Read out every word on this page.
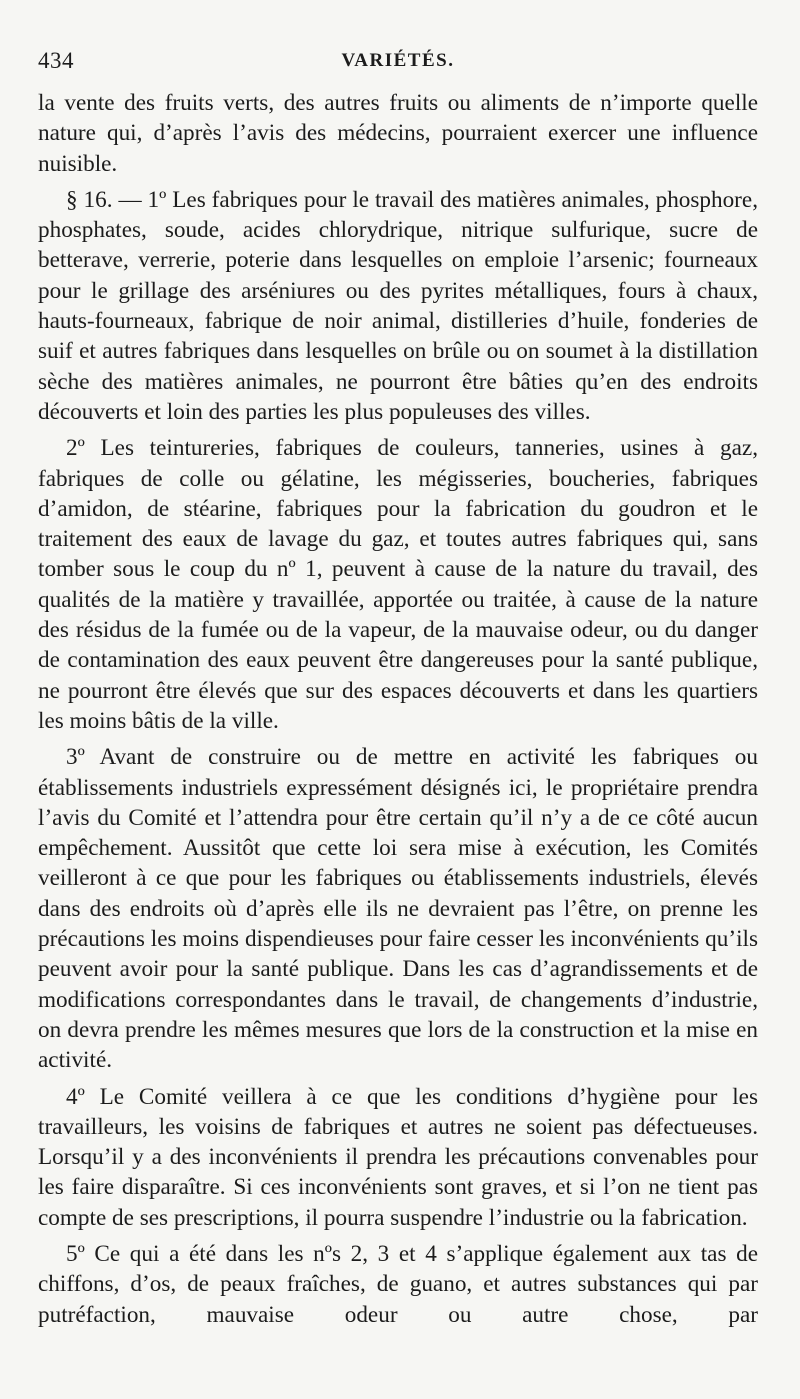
434	VARIÉTÉS.

la vente des fruits verts, des autres fruits ou aliments de n’importe quelle nature qui, d’après l’avis des médecins, pourraient exercer une influence nuisible.

§ 16. — 1º Les fabriques pour le travail des matières animales, phosphore, phosphates, soude, acides chlorydrique, nitrique sulfurique, sucre de betterave, verrerie, poterie dans lesquelles on emploie l’arsenic; fourneaux pour le grillage des arséniures ou des pyrites métalliques, fours à chaux, hauts-fourneaux, fabrique de noir animal, distilleries d’huile, fonderies de suif et autres fabriques dans lesquelles on brûle ou on soumet à la distillation sèche des matières animales, ne pourront être bâties qu’en des endroits découverts et loin des parties les plus populeuses des villes.

2º Les teintureries, fabriques de couleurs, tanneries, usines à gaz, fabriques de colle ou gélatine, les mégisseries, boucheries, fabriques d’amidon, de stéarine, fabriques pour la fabrication du goudron et le traitement des eaux de lavage du gaz, et toutes autres fabriques qui, sans tomber sous le coup du nº 1, peuvent à cause de la nature du travail, des qualités de la matière y travaillée, apportée ou traitée, à cause de la nature des résidus de la fumée ou de la vapeur, de la mauvaise odeur, ou du danger de contamination des eaux peuvent être dangereuses pour la santé publique, ne pourront être élevés que sur des espaces découverts et dans les quartiers les moins bâtis de la ville.

3º Avant de construire ou de mettre en activité les fabriques ou établissements industriels expressément désignés ici, le propriétaire prendra l’avis du Comité et l’attendra pour être certain qu’il n’y a de ce côté aucun empêchement. Aussitôt que cette loi sera mise à exécution, les Comités veilleront à ce que pour les fabriques ou établissements industriels, élevés dans des endroits où d’après elle ils ne devraient pas l’être, on prenne les précautions les moins dispendieuses pour faire cesser les inconvénients qu’ils peuvent avoir pour la santé publique. Dans les cas d’agrandissements et de modifications correspondantes dans le travail, de changements d’industrie, on devra prendre les mêmes mesures que lors de la construction et la mise en activité.

4º Le Comité veillera à ce que les conditions d’hygiène pour les travailleurs, les voisins de fabriques et autres ne soient pas défectueuses. Lorsqu’il y a des inconvénients il prendra les précautions convenables pour les faire disparaître. Si ces inconvénients sont graves, et si l’on ne tient pas compte de ses prescriptions, il pourra suspendre l’industrie ou la fabrication.

5º Ce qui a été dans les nºs 2, 3 et 4 s’applique également aux tas de chiffons, d’os, de peaux fraîches, de guano, et autres substances qui par putréfaction, mauvaise odeur ou autre chose, par
